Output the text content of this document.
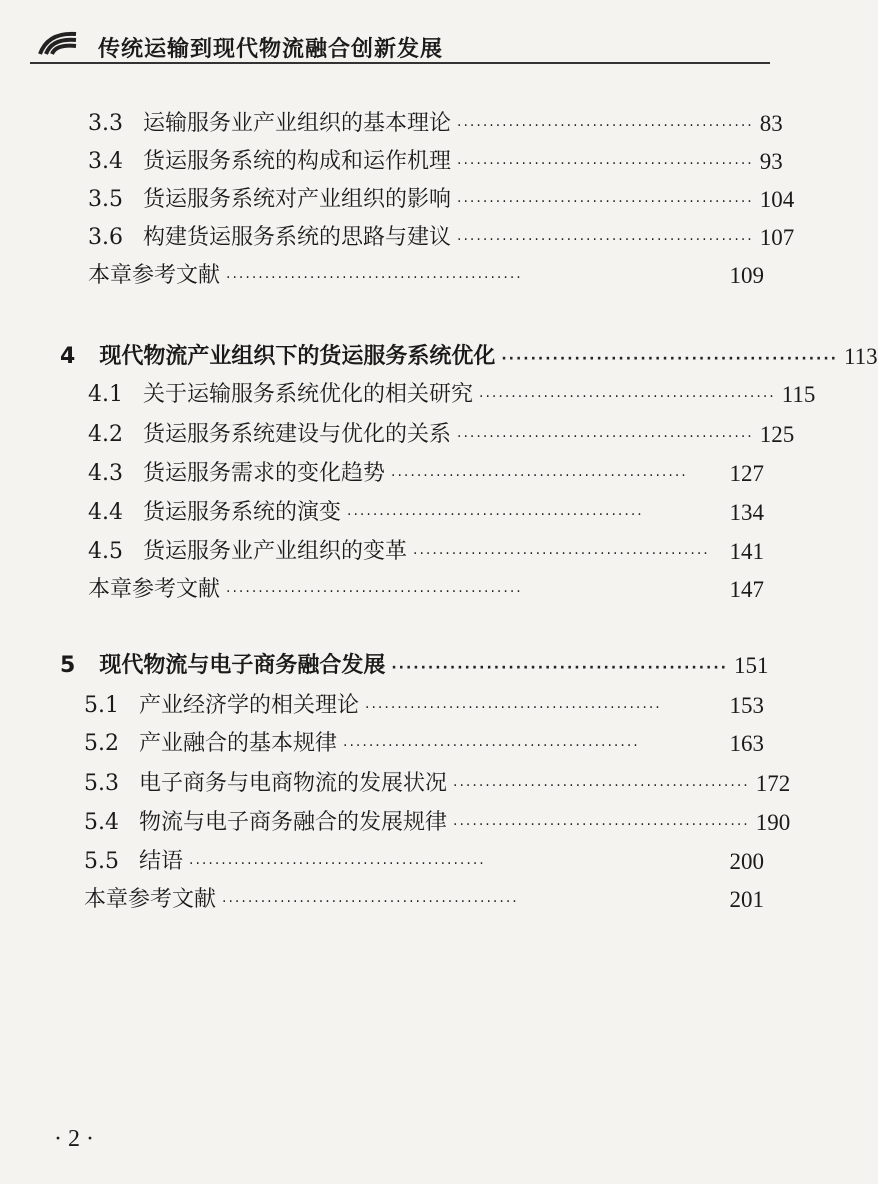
传统运输到现代物流融合创新发展
3.3 运输服务业产业组织的基本理论 ·············································· 83
3.4 货运服务系统的构成和运作机理 ·············································· 93
3.5 货运服务系统对产业组织的影响 ·············································· 104
3.6 构建货运服务系统的思路与建议 ·············································· 107
本章参考文献 ··············································	109
4	现代物流产业组织下的货运服务系统优化 ·············································· 113
4.1 关于运输服务系统优化的相关研究 ·············································· 115
4.2 货运服务系统建设与优化的关系 ·············································· 125
4.3 货运服务需求的变化趋势 ··············································	127
4.4 货运服务系统的演变 ··············································	134
4.5 货运服务业产业组织的变革 ·············································· 141
本章参考文献 ··············································	147
5	现代物流与电子商务融合发展 ·············································· 151
5.1 产业经济学的相关理论 ··············································	153
5.2 产业融合的基本规律 ··············································	163
5.3 电子商务与电商物流的发展状况 ·············································· 172
5.4 物流与电子商务融合的发展规律 ·············································· 190
5.5 结语 ··············································	200
本章参考文献 ··············································	201
· 2 ·
